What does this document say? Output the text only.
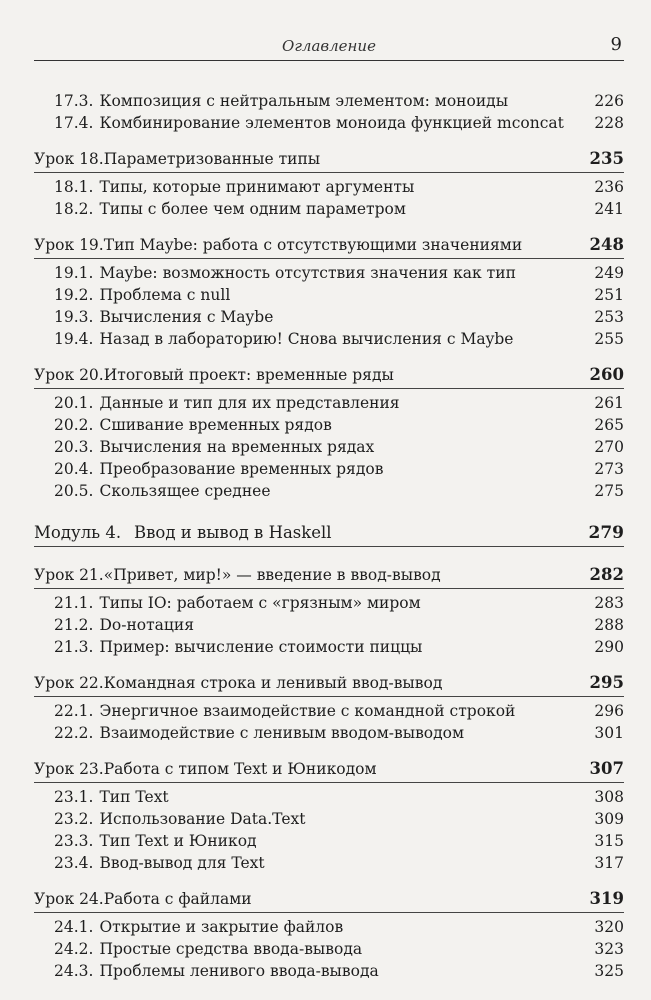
Оглавление	9
17.3. Композиция с нейтральным элементом: моноиды	226
17.4. Комбинирование элементов моноида функцией mconcat 228
Урок 18.Параметризованные типы	235
18.1. Типы, которые принимают аргументы	236
18.2. Типы с более чем одним параметром	241
Урок 19.Тип Maybe: работа с отсутствующими значениями	248
19.1. Maybe: возможность отсутствия значения как тип	249
19.2. Проблема с null	251
19.3. Вычисления с Maybe	253
19.4. Назад в лабораторию! Снова вычисления с Maybe	255
Урок 20.Итоговый проект: временные ряды	260
20.1. Данные и тип для их представления	261
20.2. Сшивание временных рядов	265
20.3. Вычисления на временных рядах	270
20.4. Преобразование временных рядов	273
20.5. Скользящее среднее	275
Модуль 4. Ввод и вывод в Haskell	279
Урок 21.«Привет, мир!» — введение в ввод-вывод	282
21.1. Типы IO: работаем с «грязным» миром	283
21.2. Do-нотация	288
21.3. Пример: вычисление стоимости пиццы	290
Урок 22.Командная строка и ленивый ввод-вывод	295
22.1. Энергичное взаимодействие с командной строкой	296
22.2. Взаимодействие с ленивым вводом-выводом	301
Урок 23.Работа с типом Text и Юникодом	307
23.1. Тип Text	308
23.2. Использование Data.Text	309
23.3. Тип Text и Юникод	315
23.4. Ввод-вывод для Text	317
Урок 24.Работа с файлами	319
24.1. Открытие и закрытие файлов	320
24.2. Простые средства ввода-вывода	323
24.3. Проблемы ленивого ввода-вывода	325
